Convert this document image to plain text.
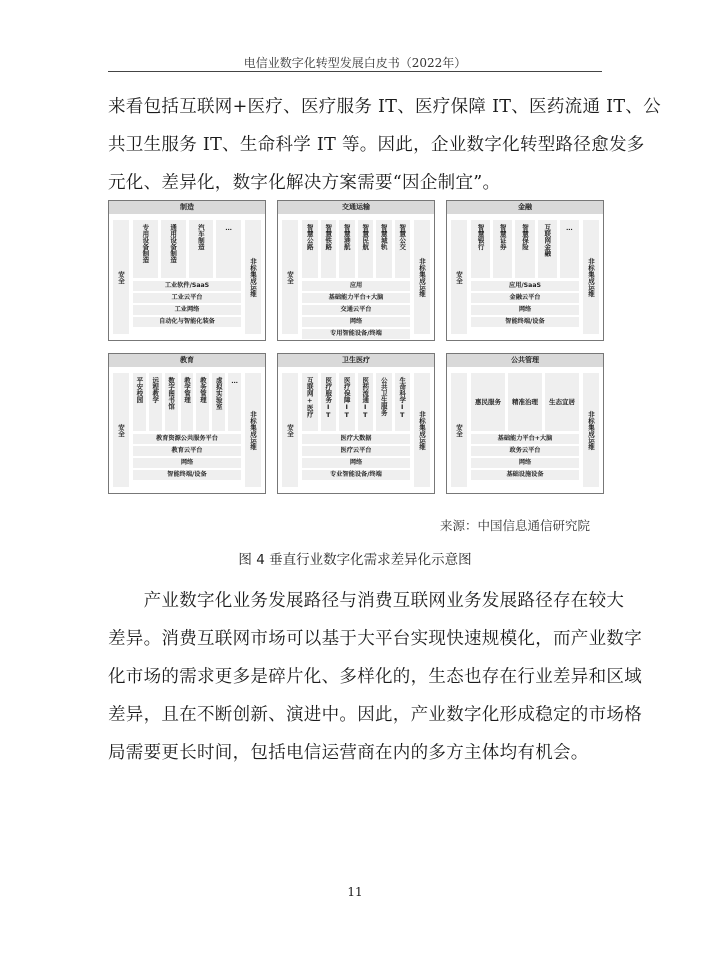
电信业数字化转型发展白皮书（2022年）

来看包括互联网+医疗、医疗服务 IT、医疗保障 IT、医药流通 IT、公
共卫生服务 IT、生命科学 IT 等。因此，企业数字化转型路径愈发多
元化、差异化，数字化解决方案需要“因企制宜”。

制造
安全	非标集成运维
专用设备制造	通用设备制造	汽车制造	…
工业软件/SaaS
工业云平台
工业网络
自动化与智能化装备
交通运输
安全	非标集成运维
智慧公路 智慧铁路 智慧港航 智慧民航 智慧城轨 智慧公交
应用
基础能力平台+大脑
交通云平台
网络
专用智能设备/终端
金融
安全	非标集成运维
智慧银行 智慧证券 智慧保险 互联网金融 …
应用/SaaS
金融云平台
网络
智能终端/设备
教育
安全	非标集成运维
平安校园 远程教学 数字图书馆 教学管理 教务管理 虚拟实验室 …
教育资源公共服务平台
教育云平台
网络
智能终端/设备
卫生医疗
安全	非标集成运维
互联网+医疗 医疗服务IT 医疗保障IT 医药流通IT 公共卫生服务 生命科学IT
医疗大数据
医疗云平台
网络
专业智能设备/终端
公共管理
安全	非标集成运维
惠民服务 精准治理 生态宜居
基础能力平台+大脑
政务云平台
网络
基础设施设备
来源：中国信息通信研究院
图 4 垂直行业数字化需求差异化示意图

　　产业数字化业务发展路径与消费互联网业务发展路径存在较大
差异。消费互联网市场可以基于大平台实现快速规模化，而产业数字
化市场的需求更多是碎片化、多样化的，生态也存在行业差异和区域
差异，且在不断创新、演进中。因此，产业数字化形成稳定的市场格
局需要更长时间，包括电信运营商在内的多方主体均有机会。

11
